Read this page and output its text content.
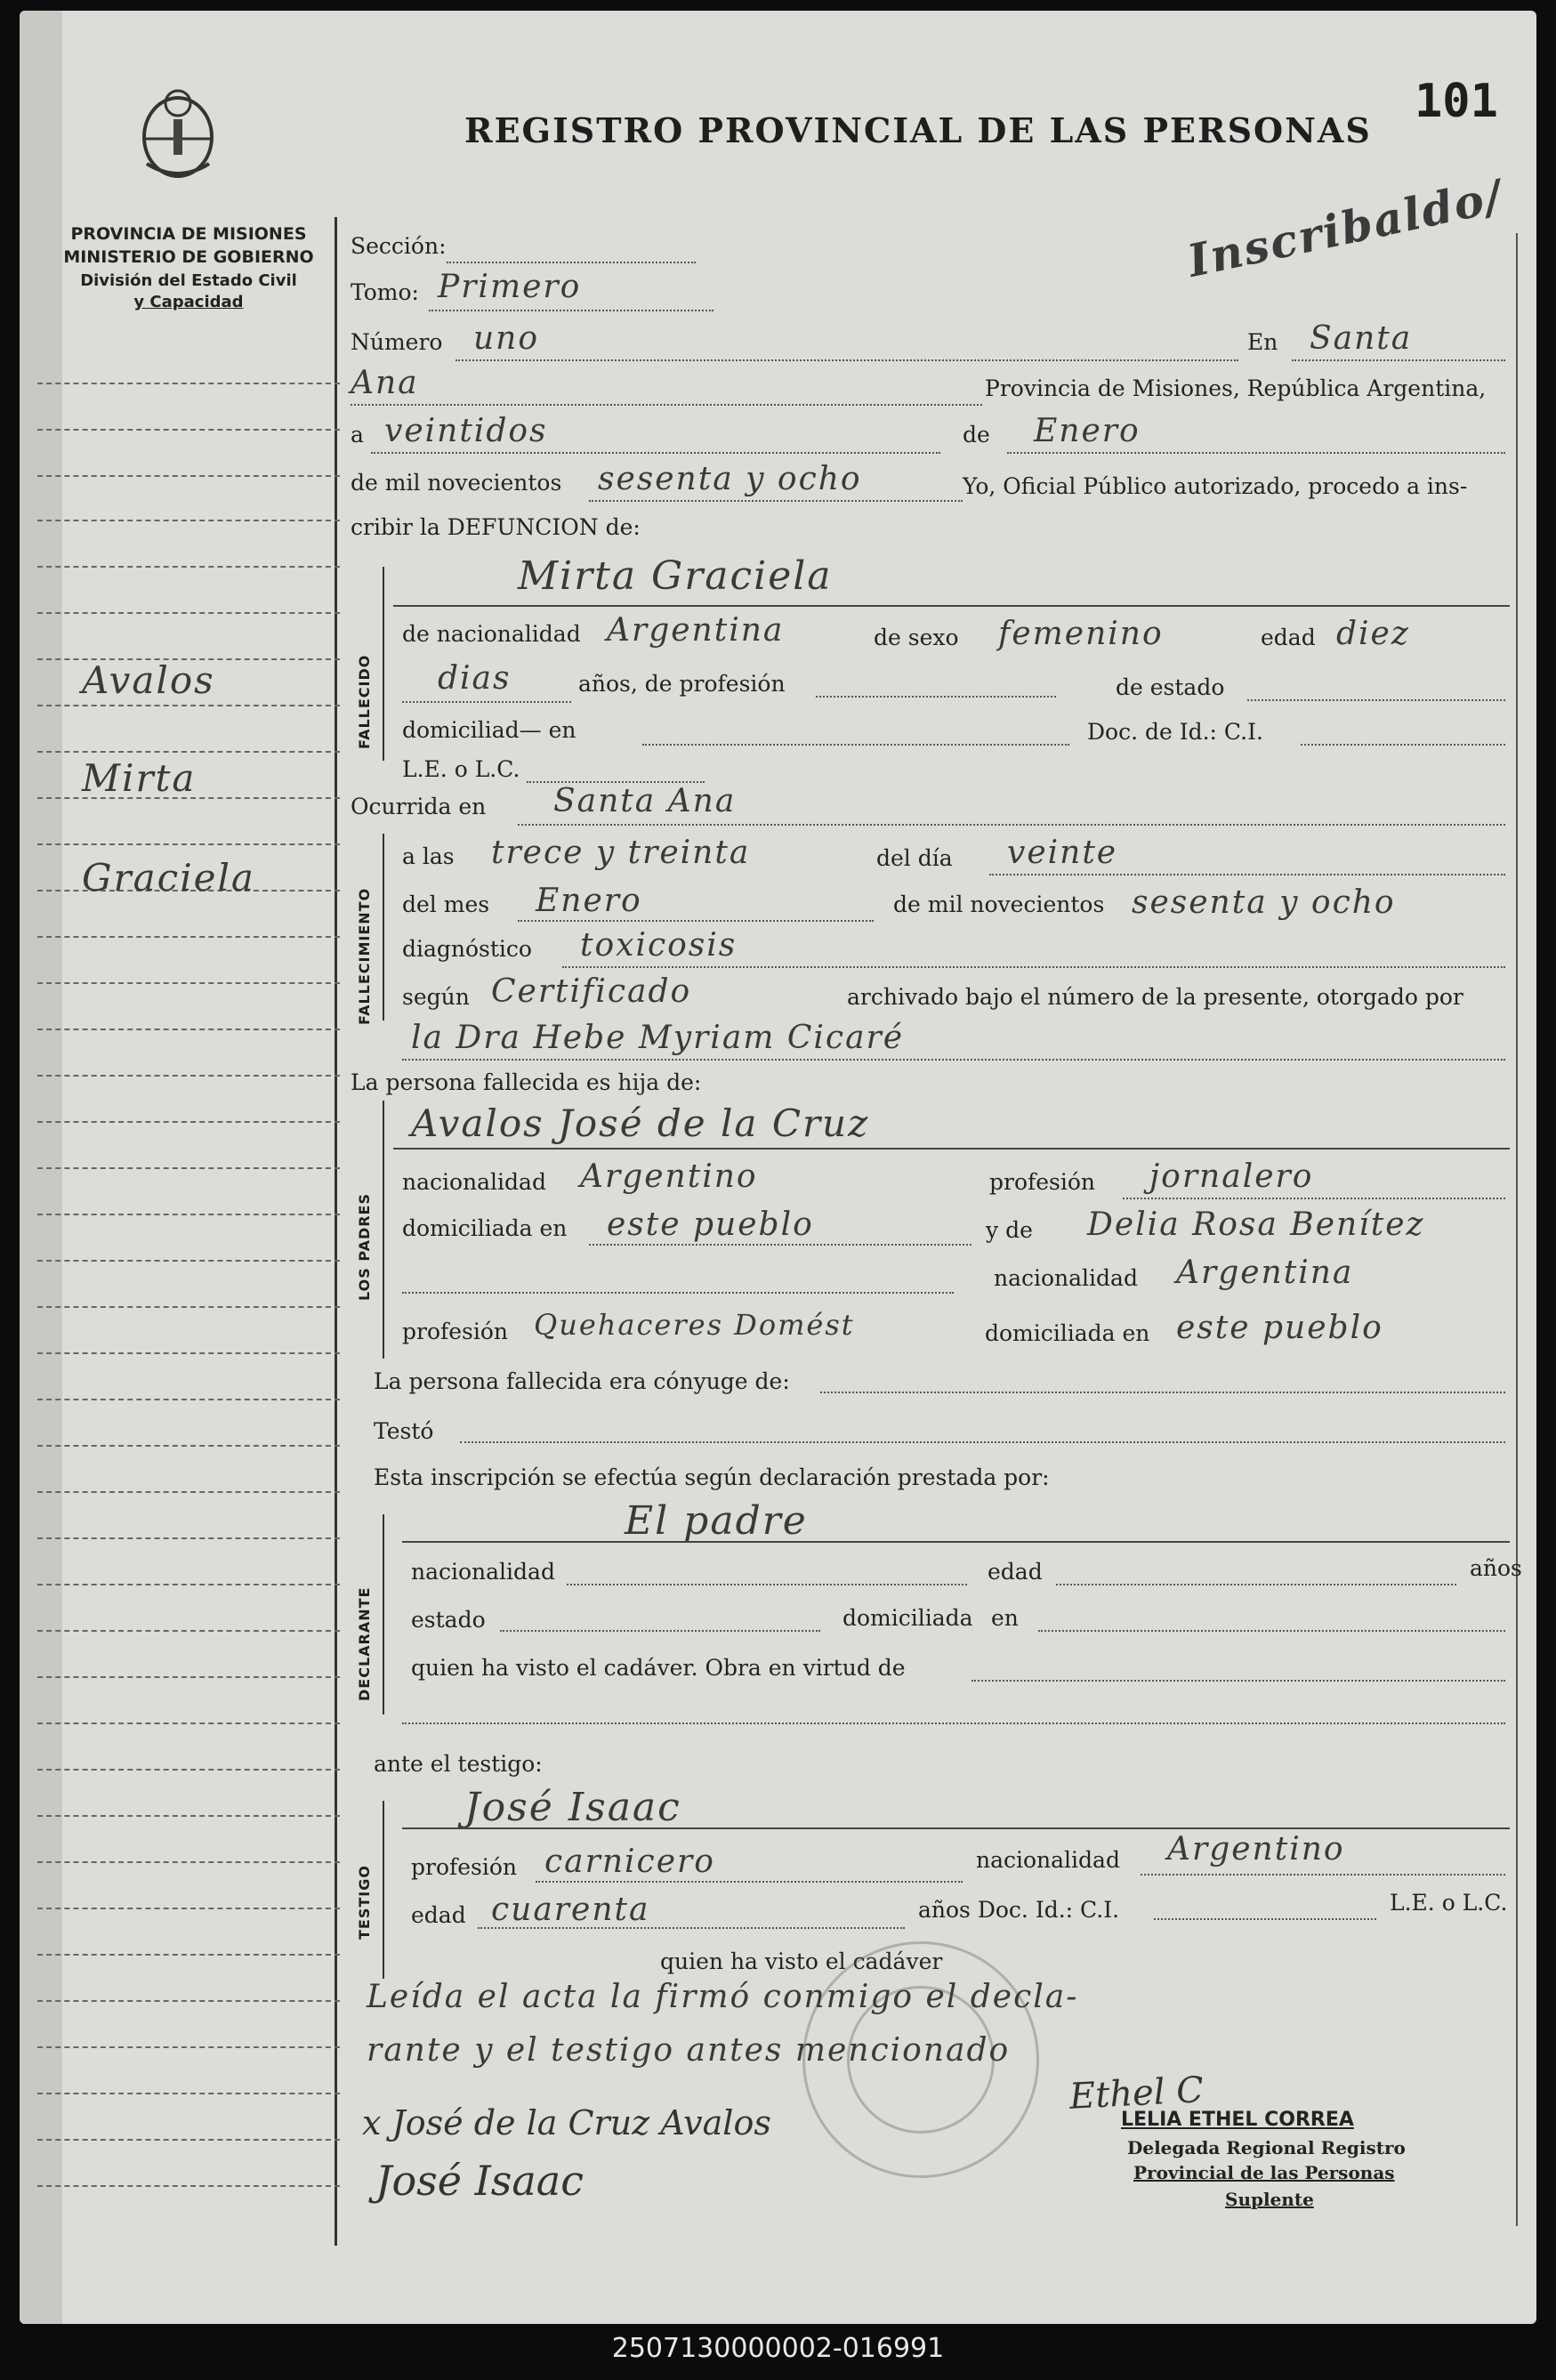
PROVINCIA DE MISIONES
MINISTERIO DE GOBIERNO
División del Estado Civil
y Capacidad
REGISTRO PROVINCIAL DE LAS PERSONAS
101
Inscribaldo/
Avalos
Mirta
Graciela
Sección:
Tomo: Primero
Número uno	En Santa
Ana	Provincia de Misiones, República Argentina,
a veintidos	de Enero
de mil novecientos sesenta y ocho	Yo, Oficial Público autorizado, procedo a ins-
cribir la DEFUNCION de:
FALLECIDO
Mirta Graciela
de nacionalidad Argentina	de sexo femenino	edad diez
dias	años, de profesión	de estado
domiciliad— en	Doc. de Id.: C.I.
L.E. o L.C.
Ocurrida en Santa Ana
FALLECIMIENTO
a las trece y treinta	del día veinte
del mes Enero	de mil novecientos sesenta y ocho
diagnóstico toxicosis
según Certificado	archivado bajo el número de la presente, otorgado por
la Dra Hebe Myriam Cicaré
La persona fallecida es hija de:
Avalos José de la Cruz
LOS PADRES
nacionalidad Argentino	profesión jornalero
domiciliada en este pueblo	y de Delia Rosa Benítez
nacionalidad Argentina
profesión Quehaceres Domést	domiciliada en este pueblo
La persona fallecida era cónyuge de:
Testó
Esta inscripción se efectúa según declaración prestada por:
El padre
DECLARANTE
nacionalidad	edad	años
estado	domiciliada en
quien ha visto el cadáver. Obra en virtud de
ante el testigo:
José Isaac
TESTIGO profesión carnicero	nacionalidad Argentino
edad cuarenta	años Doc. Id.: C.I.	L.E. o L.C.
quien ha visto el cadáver
Leída el acta la firmó conmigo el decla-
rante y el testigo antes mencionado
Ethel C
LELIA ETHEL CORREA
Delegada Regional Registro
Provincial de las Personas
Suplente
x José de la Cruz Avalos
José Isaac
2507130000002-016991
